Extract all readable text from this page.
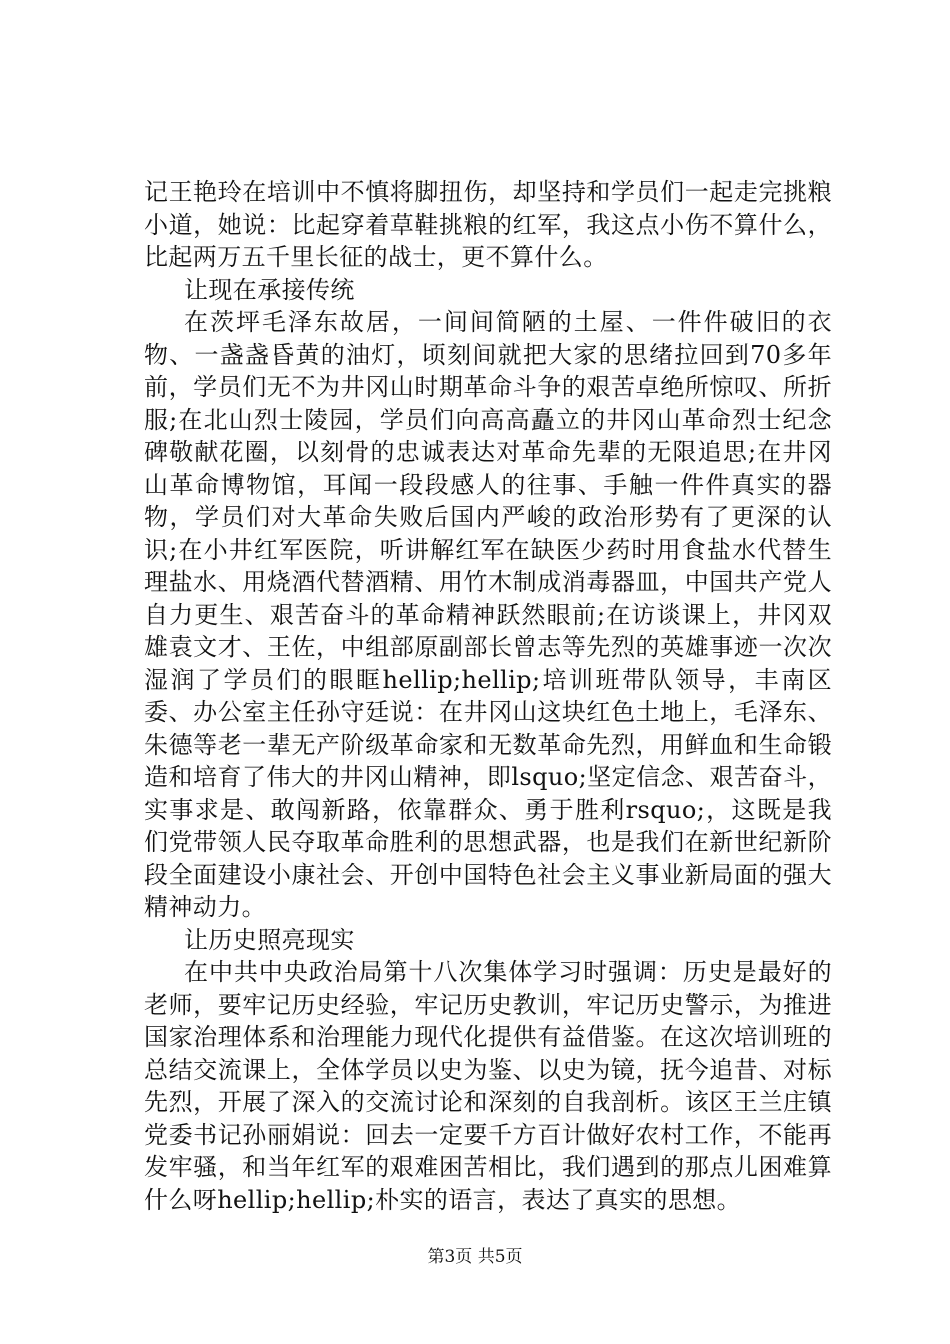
记王艳玲在培训中不慎将脚扭伤，却坚持和学员们一起走完挑粮小道，她说：比起穿着草鞋挑粮的红军，我这点小伤不算什么，比起两万五千里长征的战士，更不算什么。

让现在承接传统

在茨坪毛泽东故居，一间间简陋的土屋、一件件破旧的衣物、一盏盏昏黄的油灯，顷刻间就把大家的思绪拉回到70多年前，学员们无不为井冈山时期革命斗争的艰苦卓绝所惊叹、所折服;在北山烈士陵园，学员们向高高矗立的井冈山革命烈士纪念碑敬献花圈，以刻骨的忠诚表达对革命先辈的无限追思;在井冈山革命博物馆，耳闻一段段感人的往事、手触一件件真实的器物，学员们对大革命失败后国内严峻的政治形势有了更深的认识;在小井红军医院，听讲解红军在缺医少药时用食盐水代替生理盐水、用烧酒代替酒精、用竹木制成消毒器皿，中国共产党人自力更生、艰苦奋斗的革命精神跃然眼前;在访谈课上，井冈双雄袁文才、王佐，中组部原副部长曾志等先烈的英雄事迹一次次湿润了学员们的眼眶hellip;hellip;培训班带队领导，丰南区委、办公室主任孙守廷说：在井冈山这块红色土地上，毛泽东、朱德等老一辈无产阶级革命家和无数革命先烈，用鲜血和生命锻造和培育了伟大的井冈山精神，即lsquo;坚定信念、艰苦奋斗，实事求是、敢闯新路，依靠群众、勇于胜利rsquo;，这既是我们党带领人民夺取革命胜利的思想武器，也是我们在新世纪新阶段全面建设小康社会、开创中国特色社会主义事业新局面的强大精神动力。

让历史照亮现实

在中共中央政治局第十八次集体学习时强调：历史是最好的老师，要牢记历史经验，牢记历史教训，牢记历史警示，为推进国家治理体系和治理能力现代化提供有益借鉴。在这次培训班的总结交流课上，全体学员以史为鉴、以史为镜，抚今追昔、对标先烈，开展了深入的交流讨论和深刻的自我剖析。该区王兰庄镇党委书记孙丽娟说：回去一定要千方百计做好农村工作，不能再发牢骚，和当年红军的艰难困苦相比，我们遇到的那点儿困难算什么呀hellip;hellip;朴实的语言，表达了真实的思想。

第3页 共5页
